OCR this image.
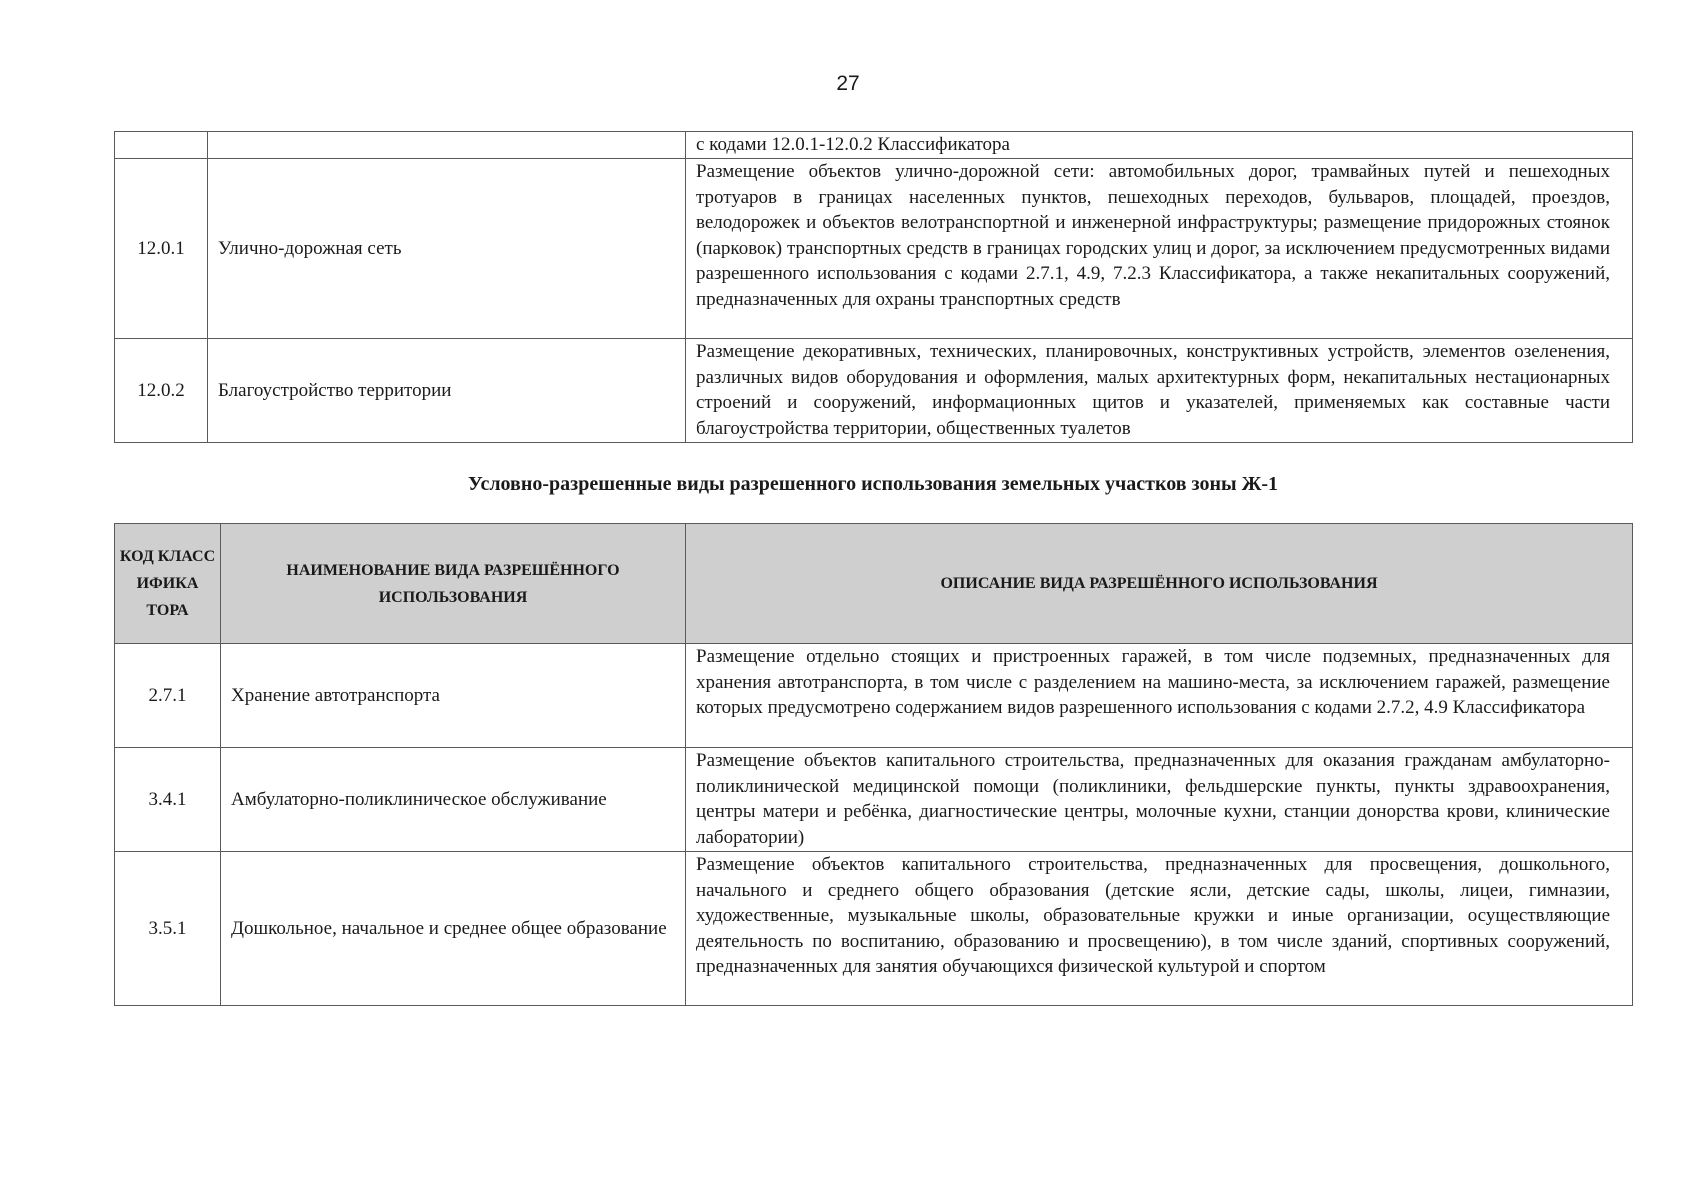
27
		с кодами 12.0.1-12.0.2 Классификатора
12.0.1	Улично-дорожная сеть	Размещение объектов улично-дорожной сети: автомобильных дорог, трамвайных путей и пешеходных тротуаров в границах населенных пунктов, пешеходных переходов, бульваров, площадей, проездов, велодорожек и объектов велотранспортной и инженерной инфраструктуры; размещение придорожных стоянок (парковок) транспортных средств в границах городских улиц и дорог, за исключением предусмотренных видами разрешенного использования с кодами 2.7.1, 4.9, 7.2.3 Классификатора, а также некапитальных сооружений, предназначенных для охраны транспортных средств
12.0.2	Благоустройство территории	Размещение декоративных, технических, планировочных, конструктивных устройств, элементов озеленения, различных видов оборудования и оформления, малых архитектурных форм, некапитальных нестационарных строений и сооружений, информационных щитов и указателей, применяемых как составные части благоустройства территории, общественных туалетов
Условно-разрешенные виды разрешенного использования земельных участков зоны Ж-1
КОД КЛАСС ИФИКА ТОРА	НАИМЕНОВАНИЕ ВИДА РАЗРЕШЁННОГО ИСПОЛЬЗОВАНИЯ	ОПИСАНИЕ ВИДА РАЗРЕШЁННОГО ИСПОЛЬЗОВАНИЯ
2.7.1	Хранение автотранспорта	Размещение отдельно стоящих и пристроенных гаражей, в том числе подземных, предназначенных для хранения автотранспорта, в том числе с разделением на машино-места, за исключением гаражей, размещение которых предусмотрено содержанием видов разрешенного использования с кодами 2.7.2, 4.9 Классификатора
3.4.1	Амбулаторно-поликлиническое обслуживание	Размещение объектов капитального строительства, предназначенных для оказания гражданам амбулаторно-поликлинической медицинской помощи (поликлиники, фельдшерские пункты, пункты здравоохранения, центры матери и ребёнка, диагностические центры, молочные кухни, станции донорства крови, клинические лаборатории)
3.5.1	Дошкольное, начальное и среднее общее образование	Размещение объектов капитального строительства, предназначенных для просвещения, дошкольного, начального и среднего общего образования (детские ясли, детские сады, школы, лицеи, гимназии, художественные, музыкальные школы, образовательные кружки и иные организации, осуществляющие деятельность по воспитанию, образованию и просвещению), в том числе зданий, спортивных сооружений, предназначенных для занятия обучающихся физической культурой и спортом
